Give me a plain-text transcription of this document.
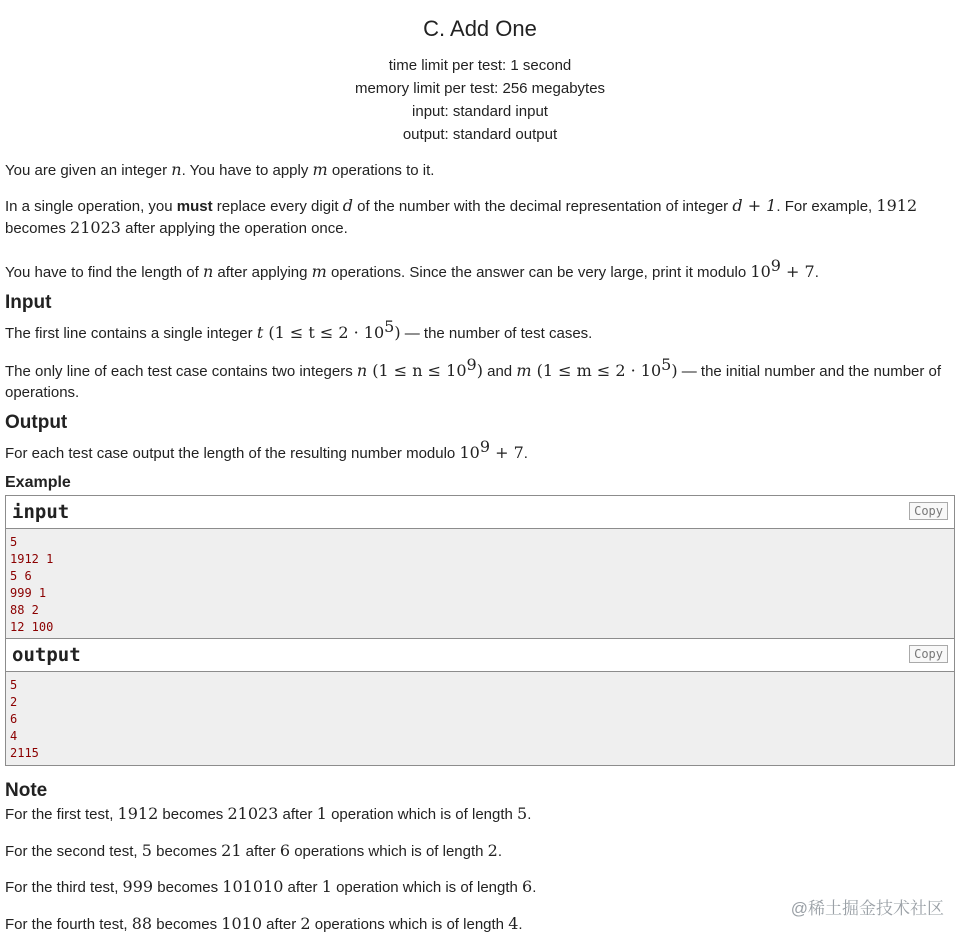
C. Add One
time limit per test: 1 second
memory limit per test: 256 megabytes
input: standard input
output: standard output
You are given an integer n. You have to apply m operations to it.
In a single operation, you must replace every digit d of the number with the decimal representation of integer d + 1. For example, 1912
becomes 21023 after applying the operation once.
You have to find the length of n after applying m operations. Since the answer can be very large, print it modulo $10^9 + 7$.
Input
The first line contains a single integer t $(1 \le t \le 2 \cdot 10^5)$ — the number of test cases.
The only line of each test case contains two integers n $(1 \le n \le 10^9)$ and m $(1 \le m \le 2 \cdot 10^5)$ — the initial number and the number of
operations.
Output
For each test case output the length of the resulting number modulo $10^9 + 7$.
Example
input	Copy
5
1912 1
5 6
999 1
88 2
12 100
output	Copy
5
2
6
4
2115
Note
For the first test, 1912 becomes 21023 after 1 operation which is of length 5.
For the second test, 5 becomes 21 after 6 operations which is of length 2.
For the third test, 999 becomes 101010 after 1 operation which is of length 6.
For the fourth test, 88 becomes 1010 after 2 operations which is of length 4.
@稀土掘金技术社区
